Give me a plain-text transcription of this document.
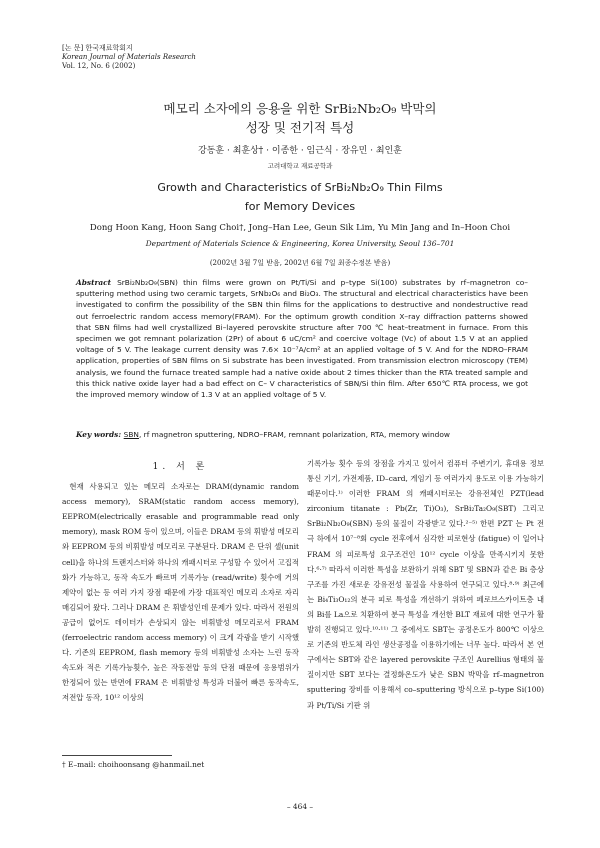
[논 문] 한국재료학회지
Korean Journal of Materials Research
Vol. 12, No. 6 (2002)
메모리 소자에의 응용을 위한 SrBi₂Nb₂O₉ 박막의
성장 및 전기적 특성
강동훈 · 최훈상† · 이종한 · 임근식 · 장유민 · 최인훈
고려대학교 재료공학과
Growth and Characteristics of SrBi₂Nb₂O₉ Thin Films
for Memory Devices
Dong Hoon Kang, Hoon Sang Choi†, Jong–Han Lee, Geun Sik Lim, Yu Min Jang and In–Hoon Choi
Department of Materials Science & Engineering, Korea University, Seoul 136–701
(2002년 3월 7일 받음, 2002년 6월 7일 최종수정본 받음)
Abstract SrBi₂Nb₂O₉(SBN) thin films were grown on Pt/Ti/Si and p–type Si(100) substrates by rf–magnetron co–sputtering method using two ceramic targets, SrNb₂O₆ and Bi₂O₃. The structural and electrical characteristics have been investigated to confirm the possibility of the SBN thin films for the applications to destructive and nondestructive read out ferroelectric random access memory(FRAM). For the optimum growth condition X–ray diffraction patterns showed that SBN films had well crystallized Bi–layered perovskite structure after 700 ℃ heat–treatment in furnace. From this specimen we got remnant polarization (2Pr) of about 6 uC/cm² and coercive voltage (Vc) of about 1.5 V at an applied voltage of 5 V. The leakage current density was 7.6× 10⁻⁷A/cm² at an applied voltage of 5 V. And for the NDRO–FRAM application, properties of SBN films on Si substrate has been investigated. From transmission electron microscopy (TEM) analysis, we found the furnace treated sample had a native oxide about 2 times thicker than the RTA treated sample and this thick native oxide layer had a bad effect on C– V characteristics of SBN/Si thin film. After 650℃ RTA process, we got the improved memory window of 1.3 V at an applied voltage of 5 V.
Key words: SBN, rf magnetron sputtering, NDRO–FRAM, remnant polarization, RTA, memory window
1. 서 론

현재 사용되고 있는 메모리 소자로는 DRAM(dynamic random access memory), SRAM(static random access memory), EEPROM(electrically erasable and programmable read only memory), mask ROM 등이 있으며, 이들은 DRAM 등의 휘발성 메모리와 EEPROM 등의 비휘발성 메모리로 구분된다. DRAM 은 단위 셀(unit cell)을 하나의 트랜지스터와 하나의 캐패시터로 구성할 수 있어서 고집적화가 가능하고, 동작 속도가 빠르며 기록가능 (read/write) 횟수에 거의 제약이 없는 등 여러 가지 장점 때문에 가장 대표적인 메모리 소자로 자리 매김되어 왔다. 그러나 DRAM 은 휘발성인데 문제가 있다. 따라서 전원의 공급이 없어도 데이터가 손상되지 않는 비휘발성 메모리로서 FRAM (ferroelectric random access memory) 이 크게 각광을 받기 시작했다. 기존의 EEPROM, flash memory 등의 비휘발성 소자는 느린 동작속도와 적은 기록가능횟수, 높은 작동전압 등의 단점 때문에 응용범위가 한정되어 있는 반면에 FRAM 은 비휘발성 특성과 더불어 빠른 동작속도, 저전압 동작, 10¹² 이상의

기록가능 횟수 등의 장점을 가지고 있어서 컴퓨터 주변기기, 휴대용 정보통신 기기, 가전제품, ID–card, 게임기 등 여러가지 용도로 이용 가능하기 때문이다.¹⁾ 이러한 FRAM 의 캐패시터로는 강유전체인 PZT(lead zirconium titanate : Pb(Zr, Ti)O₃), SrBi₂Ta₂O₉(SBT) 그리고 SrBi₂Nb₂O₉(SBN) 등의 물질이 각광받고 있다.²⁻⁵⁾ 한편 PZT 는 Pt 전극 하에서 10⁷⁻⁸회 cycle 전후에서 심각한 피로현상 (fatigue) 이 일어나 FRAM 의 피로특성 요구조건인 10¹² cycle 이상을 만족시키지 못한다.⁶·⁷⁾ 따라서 이러한 특성을 보완하기 위해 SBT 및 SBN과 같은 Bi 층상구조를 가진 새로운 강유전성 물질을 사용하여 연구되고 있다.⁸·⁹⁾ 최근에는 Bi₄Ti₃O₁₂의 분극 피로 특성을 개선하기 위하여 페로브스카이트층 내의 Bi를 La으로 치환하여 분극 특성을 개선한 BLT 재료에 대한 연구가 활발히 진행되고 있다.¹⁰·¹¹⁾ 그 중에서도 SBT는 공정온도가 800℃ 이상으로 기존의 반도체 라인 생산공정을 이용하기에는 너무 높다. 따라서 본 연구에서는 SBT와 같은 layered perovskite 구조인 Aurellius 형태의 물질이지만 SBT 보다는 결정화온도가 낮은 SBN 박막을 rf–magnetron sputtering 장비를 이용해서 co–sputtering 방식으로 p–type Si(100)과 Pt/Ti/Si 기판 위

† E–mail: choihoonsang @hanmail.net
– 464 –
